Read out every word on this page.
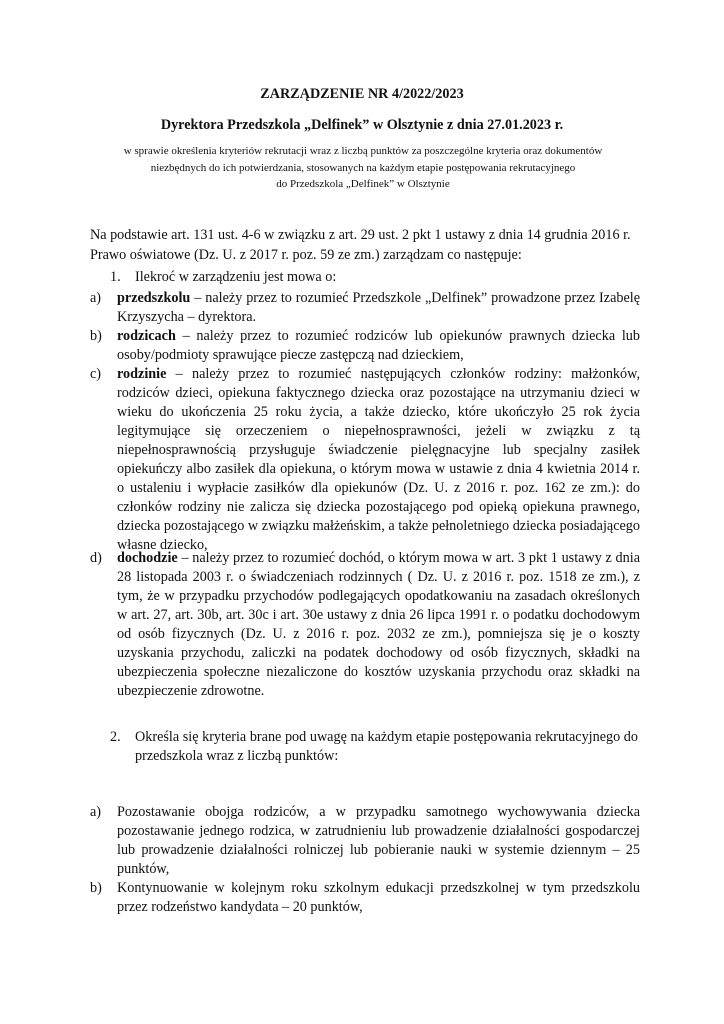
ZARZĄDZENIE NR 4/2022/2023
Dyrektora Przedszkola „Delfinek” w Olsztynie z dnia 27.01.2023 r.
w sprawie określenia kryteriów rekrutacji wraz z liczbą punktów za poszczególne kryteria oraz dokumentów
niezbędnych do ich potwierdzania, stosowanych na każdym etapie postępowania rekrutacyjnego
do Przedszkola „Delfinek” w Olsztynie

Na podstawie art. 131 ust. 4-6 w związku z art. 29 ust. 2 pkt 1 ustawy z dnia 14 grudnia 2016 r. Prawo oświatowe (Dz. U. z 2017 r. poz. 59 ze zm.) zarządzam co następuje:

1. Ilekroć w zarządzeniu jest mowa o:
a) przedszkolu – należy przez to rozumieć Przedszkole „Delfinek” prowadzone przez Izabelę Krzyszycha – dyrektora.
b) rodzicach – należy przez to rozumieć rodziców lub opiekunów prawnych dziecka lub osoby/podmioty sprawujące piecze zastępczą nad dzieckiem,
c) rodzinie – należy przez to rozumieć następujących członków rodziny: małżonków, rodziców dzieci, opiekuna faktycznego dziecka oraz pozostające na utrzymaniu dzieci w wieku do ukończenia 25 roku życia, a także dziecko, które ukończyło 25 rok życia legitymujące się orzeczeniem o niepełnosprawności, jeżeli w związku z tą niepełnosprawnością przysługuje świadczenie pielęgnacyjne lub specjalny zasiłek opiekuńczy albo zasiłek dla opiekuna, o którym mowa w ustawie z dnia 4 kwietnia 2014 r. o ustaleniu i wypłacie zasiłków dla opiekunów (Dz. U. z 2016 r. poz. 162 ze zm.): do członków rodziny nie zalicza się dziecka pozostającego pod opieką opiekuna prawnego, dziecka pozostającego w związku małżeńskim, a także pełnoletniego dziecka posiadającego własne dziecko,
d) dochodzie – należy przez to rozumieć dochód, o którym mowa w art. 3 pkt 1 ustawy z dnia 28 listopada 2003 r. o świadczeniach rodzinnych ( Dz. U. z 2016 r. poz. 1518 ze zm.), z tym, że w przypadku przychodów podlegających opodatkowaniu na zasadach określonych w art. 27, art. 30b, art. 30c i art. 30e ustawy z dnia 26 lipca 1991 r. o podatku dochodowym od osób fizycznych (Dz. U. z 2016 r. poz. 2032 ze zm.), pomniejsza się je o koszty uzyskania przychodu, zaliczki na podatek dochodowy od osób fizycznych, składki na ubezpieczenia społeczne niezaliczone do kosztów uzyskania przychodu oraz składki na ubezpieczenie zdrowotne.
2. Określa się kryteria brane pod uwagę na każdym etapie postępowania rekrutacyjnego do przedszkola wraz z liczbą punktów:
a) Pozostawanie obojga rodziców, a w przypadku samotnego wychowywania dziecka pozostawanie jednego rodzica, w zatrudnieniu lub prowadzenie działalności gospodarczej lub prowadzenie działalności rolniczej lub pobieranie nauki w systemie dziennym – 25 punktów,
b) Kontynuowanie w kolejnym roku szkolnym edukacji przedszkolnej w tym przedszkolu przez rodzeństwo kandydata – 20 punktów,
